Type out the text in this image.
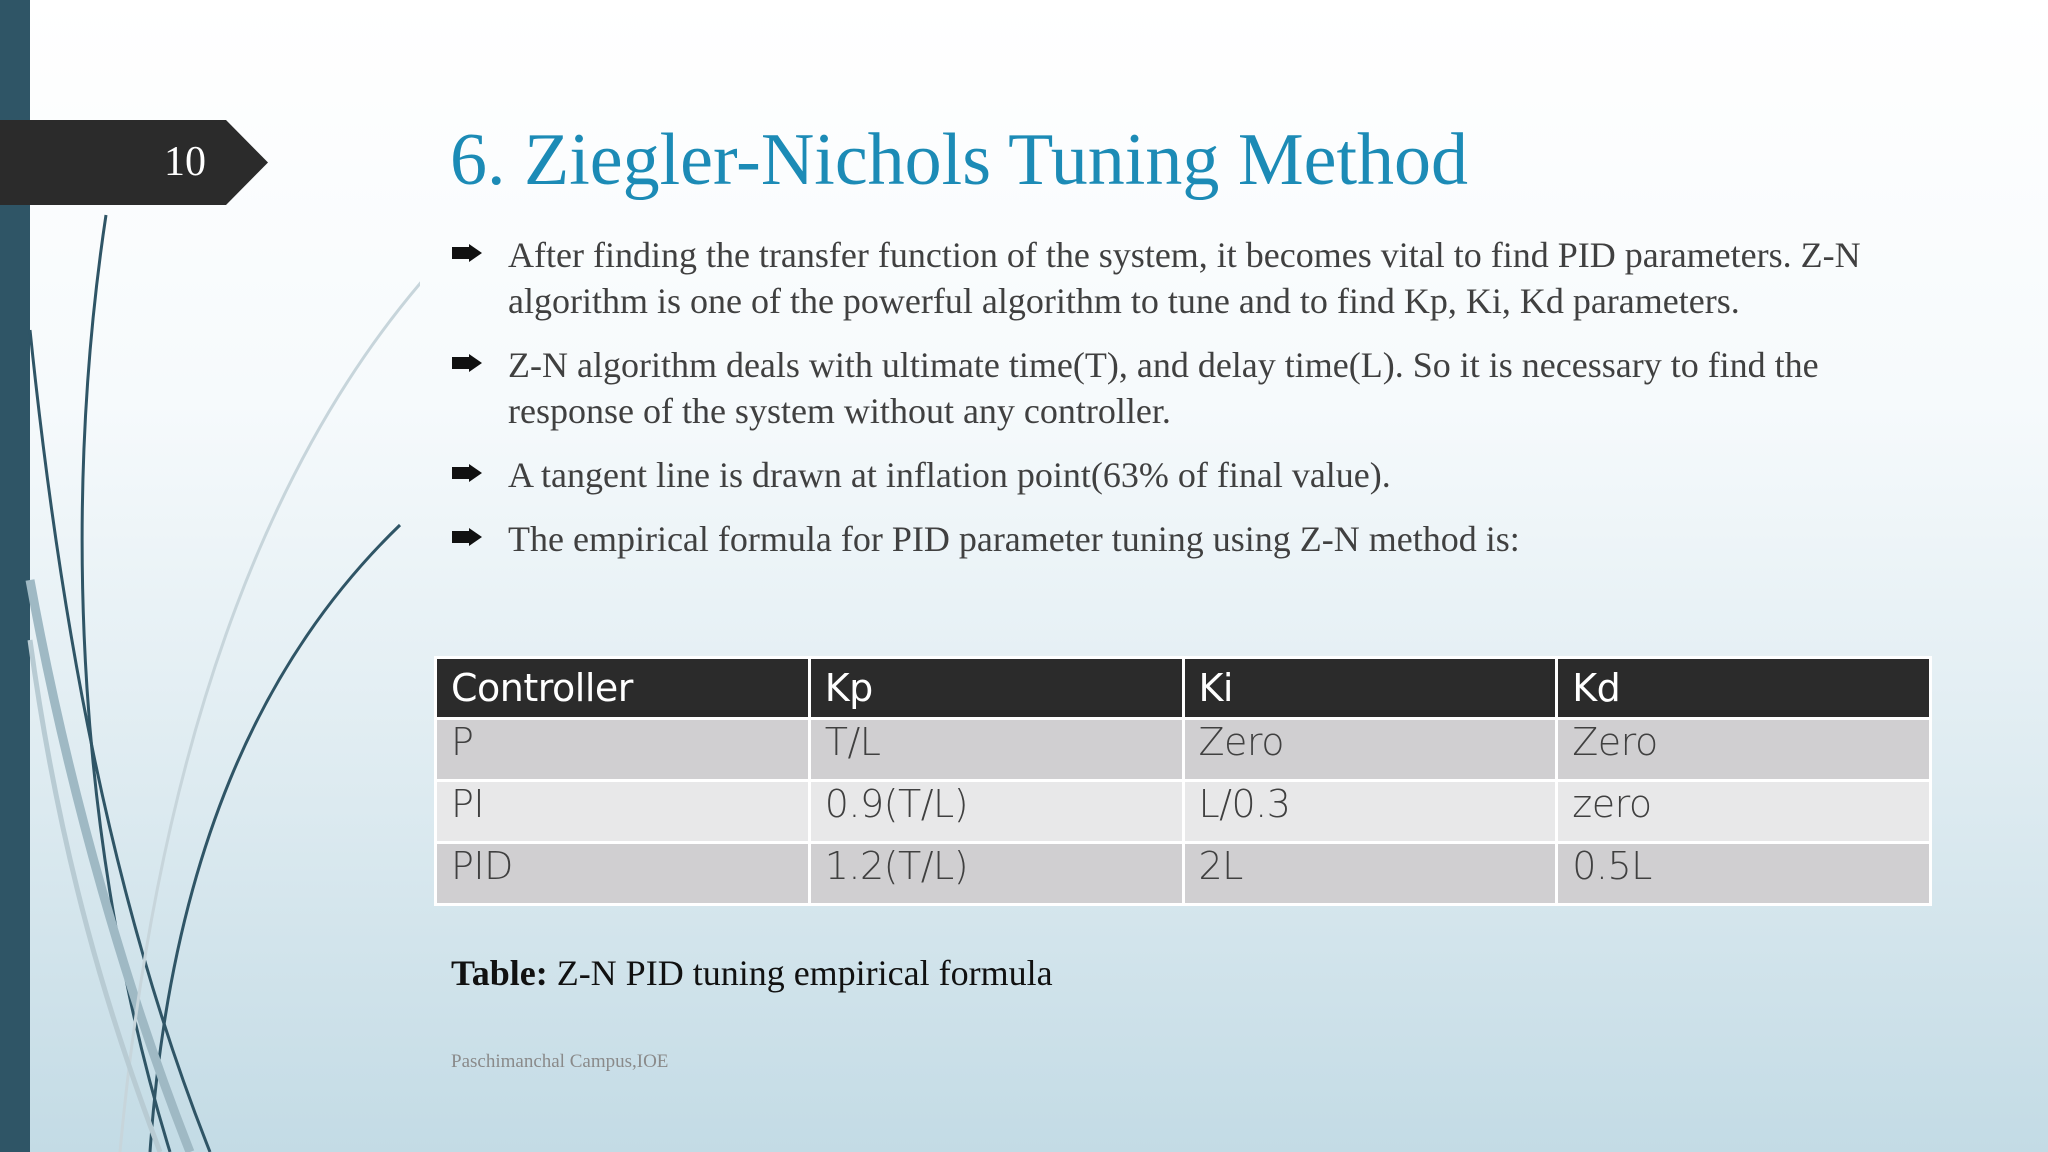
10	6. Ziegler-Nichols Tuning Method
After finding the transfer function of the system, it becomes vital to find PID parameters. Z-N algorithm is one of the powerful algorithm to tune and to find Kp, Ki, Kd parameters.
Z-N algorithm deals with ultimate time(T), and delay time(L). So it is necessary to find the response of the system without any controller.
A tangent line is drawn at inflation point(63% of final value).
The empirical formula for PID parameter tuning using Z-N method is:
Controller	Kp	Ki	Kd
P	T/L	Zero	Zero
PI	0.9(T/L)	L/0.3	zero
PID	1.2(T/L)	2L	0.5L
Table: Z-N PID tuning empirical formula
Paschimanchal Campus,IOE
